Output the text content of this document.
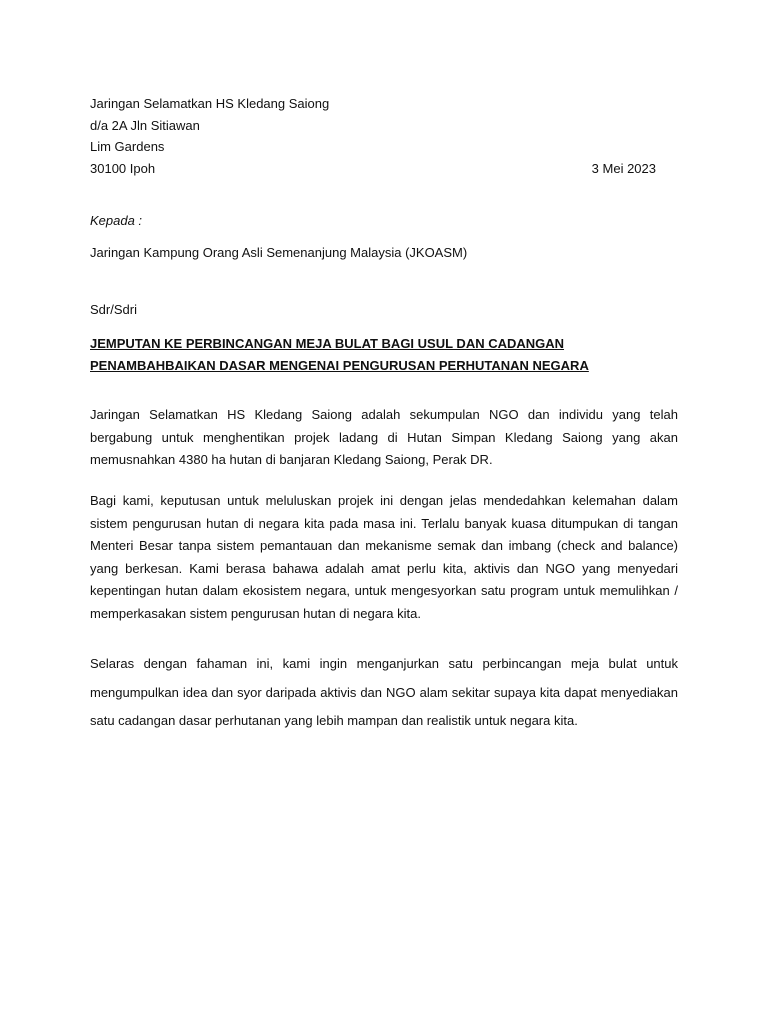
Jaringan Selamatkan HS Kledang Saiong
d/a 2A Jln Sitiawan
Lim Gardens
30100 Ipoh	3 Mei 2023
Kepada :
Jaringan Kampung Orang Asli Semenanjung Malaysia (JKOASM)
Sdr/Sdri
JEMPUTAN KE PERBINCANGAN MEJA BULAT BAGI USUL DAN CADANGAN PENAMBAHBAIKAN DASAR MENGENAI PENGURUSAN PERHUTANAN NEGARA
Jaringan Selamatkan HS Kledang Saiong adalah sekumpulan NGO dan individu yang telah bergabung untuk menghentikan projek ladang di Hutan Simpan Kledang Saiong yang akan memusnahkan 4380 ha hutan di banjaran Kledang Saiong, Perak DR.
Bagi kami, keputusan untuk meluluskan projek ini dengan jelas mendedahkan kelemahan dalam sistem pengurusan hutan di negara kita pada masa ini. Terlalu banyak kuasa ditumpukan di tangan Menteri Besar tanpa sistem pemantauan dan mekanisme semak dan imbang (check and balance) yang berkesan. Kami berasa bahawa adalah amat perlu kita, aktivis dan NGO yang menyedari kepentingan hutan dalam ekosistem negara, untuk mengesyorkan satu program untuk memulihkan / memperkasakan sistem pengurusan hutan di negara kita.
Selaras dengan fahaman ini, kami ingin menganjurkan satu perbincangan meja bulat untuk mengumpulkan idea dan syor daripada aktivis dan NGO alam sekitar supaya kita dapat menyediakan satu cadangan dasar perhutanan yang lebih mampan dan realistik untuk negara kita.
